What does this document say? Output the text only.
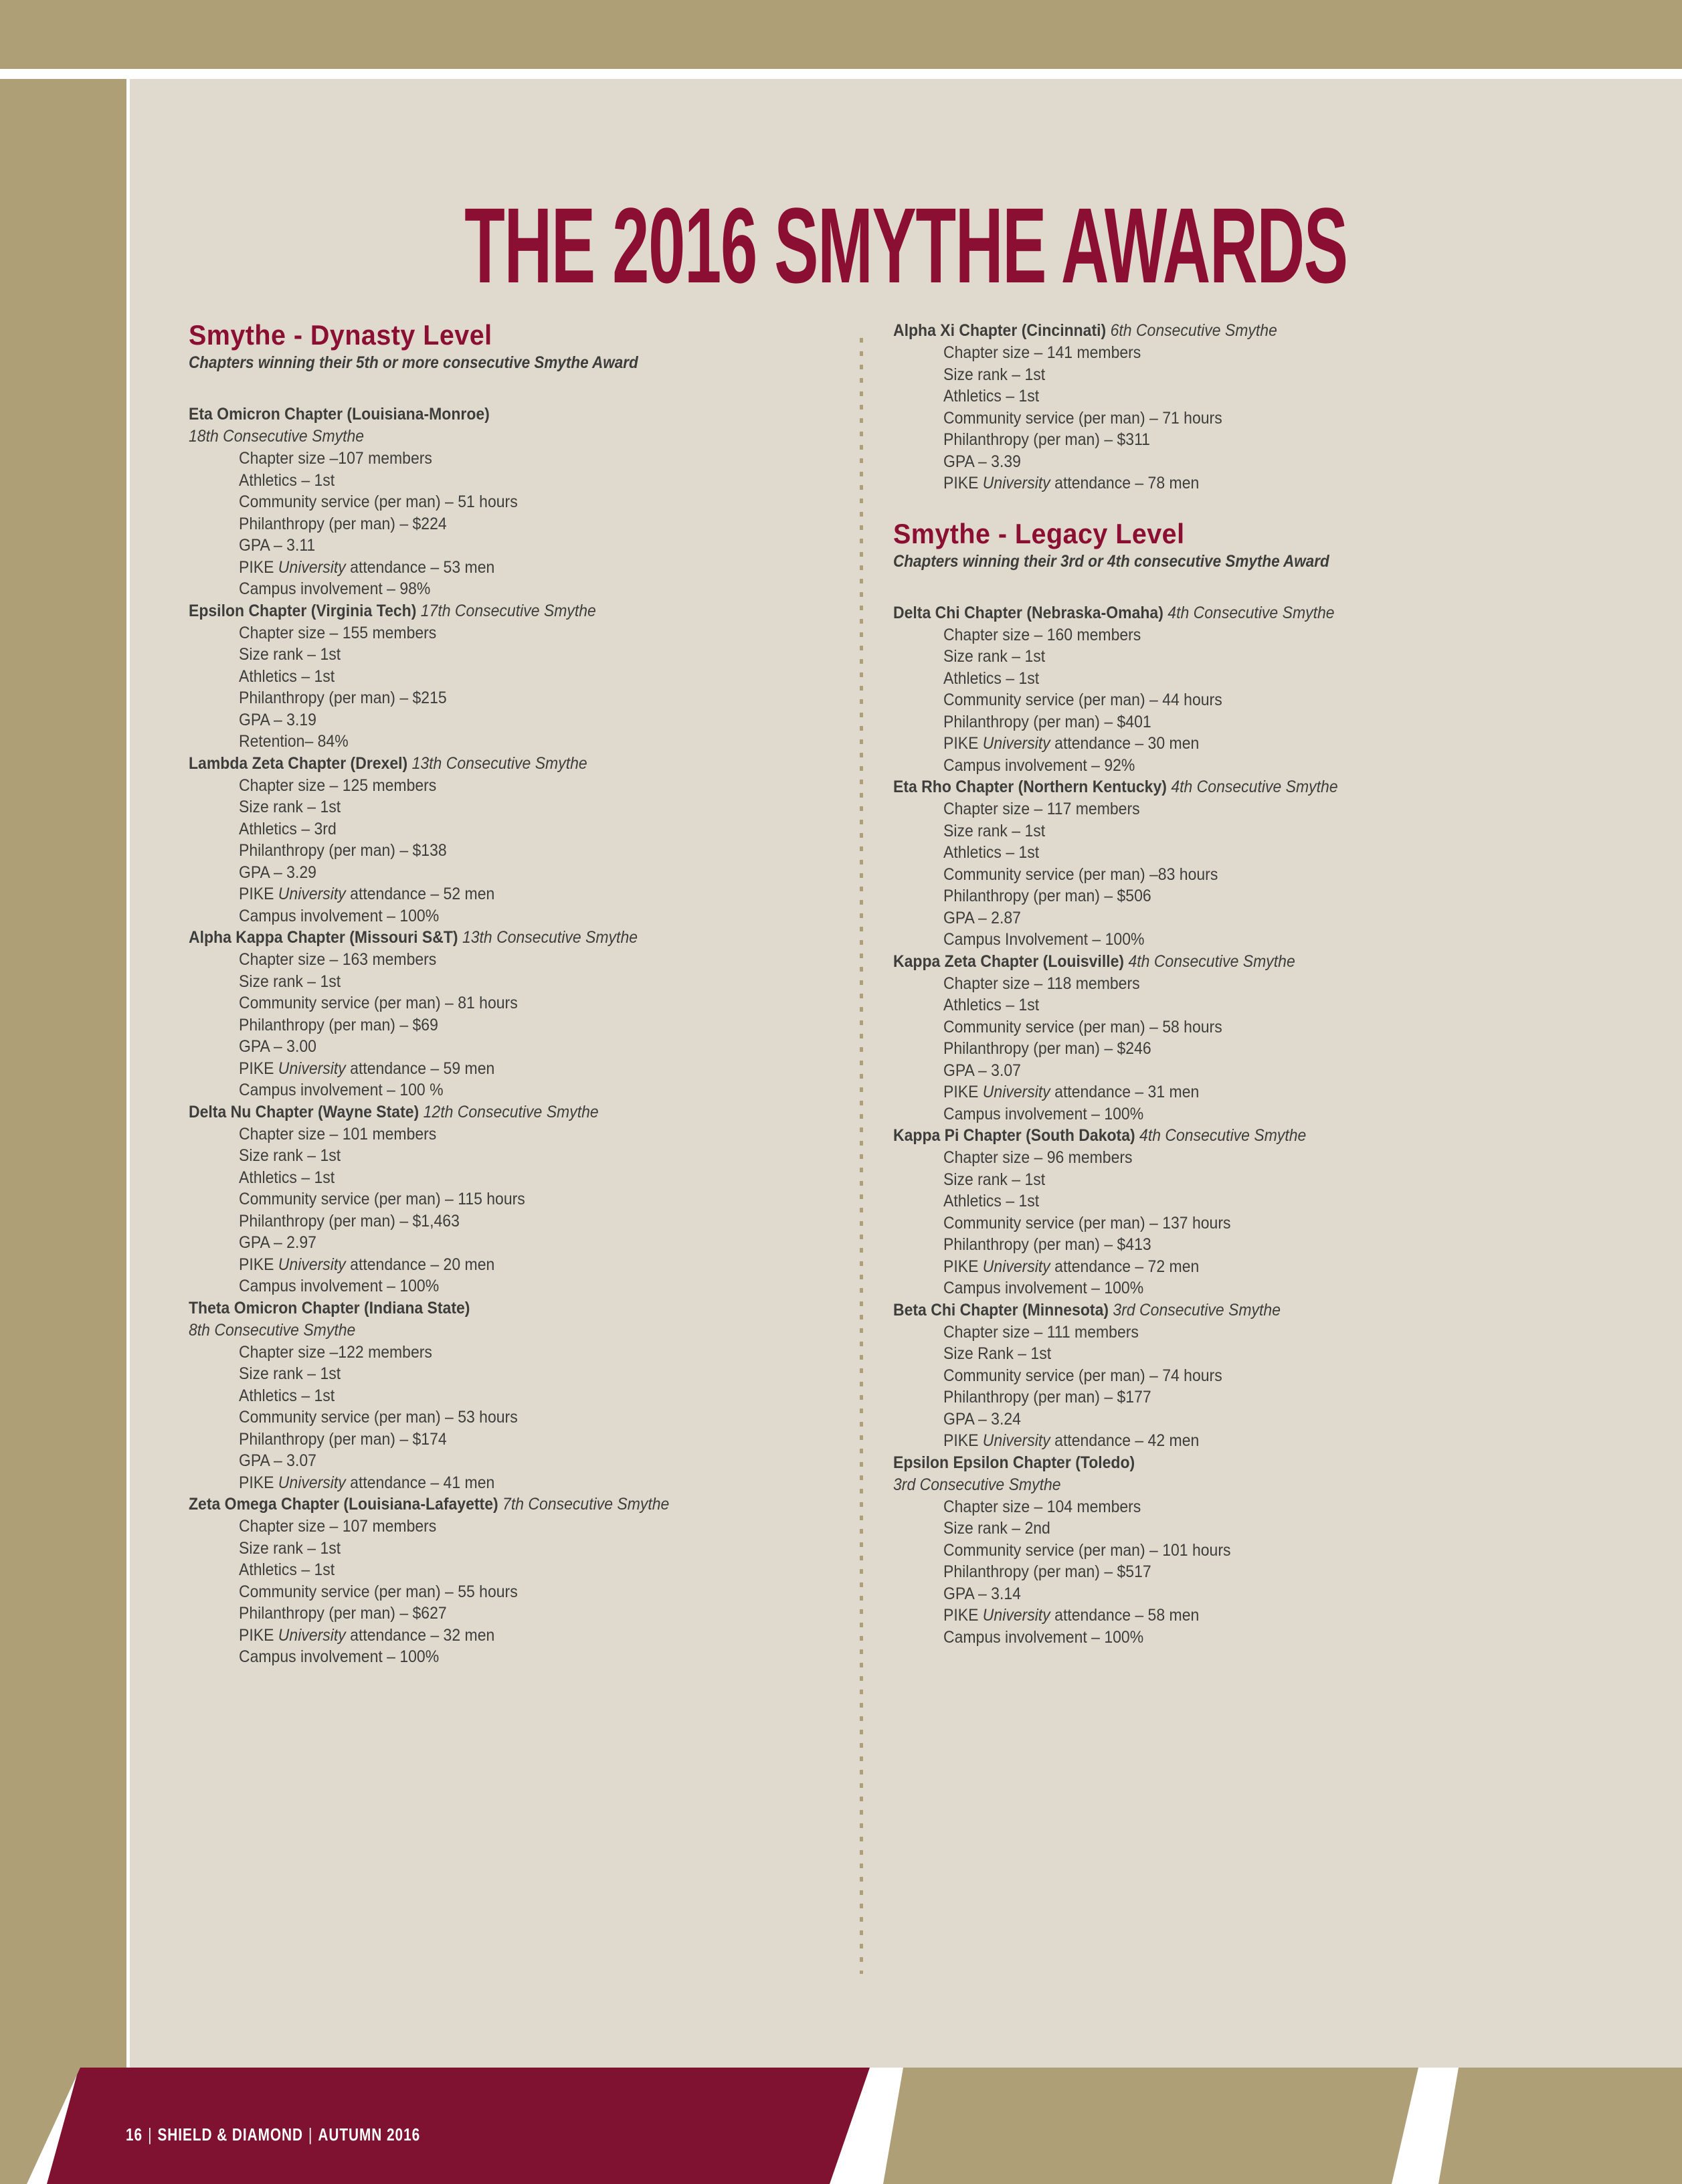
THE 2016 SMYTHE AWARDS
Smythe - Dynasty Level

Chapters winning their 5th or more consecutive Smythe Award

Eta Omicron Chapter (Louisiana-Monroe)
18th Consecutive Smythe
Chapter size –107 members
Athletics – 1st
Community service (per man) – 51 hours
Philanthropy (per man) – $224
GPA – 3.11
PIKE University attendance – 53 men
Campus involvement – 98%
Epsilon Chapter (Virginia Tech) 17th Consecutive Smythe
Chapter size – 155 members
Size rank – 1st
Athletics – 1st
Philanthropy (per man) – $215
GPA – 3.19
Retention– 84%
Lambda Zeta Chapter (Drexel) 13th Consecutive Smythe
Chapter size – 125 members
Size rank – 1st
Athletics – 3rd
Philanthropy (per man) – $138
GPA – 3.29
PIKE University attendance – 52 men
Campus involvement – 100%
Alpha Kappa Chapter (Missouri S&T) 13th Consecutive Smythe
Chapter size – 163 members
Size rank – 1st
Community service (per man) – 81 hours
Philanthropy (per man) – $69
GPA – 3.00
PIKE University attendance – 59 men
Campus involvement – 100 %
Delta Nu Chapter (Wayne State) 12th Consecutive Smythe
Chapter size – 101 members
Size rank – 1st
Athletics – 1st
Community service (per man) – 115 hours
Philanthropy (per man) – $1,463
GPA – 2.97
PIKE University attendance – 20 men
Campus involvement – 100%
Theta Omicron Chapter (Indiana State)
8th Consecutive Smythe
Chapter size –122 members
Size rank – 1st
Athletics – 1st
Community service (per man) – 53 hours
Philanthropy (per man) – $174
GPA – 3.07
PIKE University attendance – 41 men
Zeta Omega Chapter (Louisiana-Lafayette) 7th Consecutive Smythe
Chapter size – 107 members
Size rank – 1st
Athletics – 1st
Community service (per man) – 55 hours
Philanthropy (per man) – $627
PIKE University attendance – 32 men
Campus involvement – 100%
Alpha Xi Chapter (Cincinnati) 6th Consecutive Smythe
Chapter size – 141 members
Size rank – 1st
Athletics – 1st
Community service (per man) – 71 hours
Philanthropy (per man) – $311
GPA – 3.39
PIKE University attendance – 78 men
Smythe - Legacy Level

Chapters winning their 3rd or 4th consecutive Smythe Award

Delta Chi Chapter (Nebraska-Omaha) 4th Consecutive Smythe
Chapter size – 160 members
Size rank – 1st
Athletics – 1st
Community service (per man) – 44 hours
Philanthropy (per man) – $401
PIKE University attendance – 30 men
Campus involvement – 92%
Eta Rho Chapter (Northern Kentucky) 4th Consecutive Smythe
Chapter size – 117 members
Size rank – 1st
Athletics – 1st
Community service (per man) –83 hours
Philanthropy (per man) – $506
GPA – 2.87
Campus Involvement – 100%
Kappa Zeta Chapter (Louisville) 4th Consecutive Smythe
Chapter size – 118 members
Athletics – 1st
Community service (per man) – 58 hours
Philanthropy (per man) – $246
GPA – 3.07
PIKE University attendance – 31 men
Campus involvement – 100%
Kappa Pi Chapter (South Dakota) 4th Consecutive Smythe
Chapter size – 96 members
Size rank – 1st
Athletics – 1st
Community service (per man) – 137 hours
Philanthropy (per man) – $413
PIKE University attendance – 72 men
Campus involvement – 100%
Beta Chi Chapter (Minnesota) 3rd Consecutive Smythe
Chapter size – 111 members
Size Rank – 1st
Community service (per man) – 74 hours
Philanthropy (per man) – $177
GPA – 3.24
PIKE University attendance – 42 men
Epsilon Epsilon Chapter (Toledo)
3rd Consecutive Smythe
Chapter size – 104 members
Size rank – 2nd
Community service (per man) – 101 hours
Philanthropy (per man) – $517
GPA – 3.14
PIKE University attendance – 58 men
Campus involvement – 100%
16 | SHIELD & DIAMOND | AUTUMN 2016
